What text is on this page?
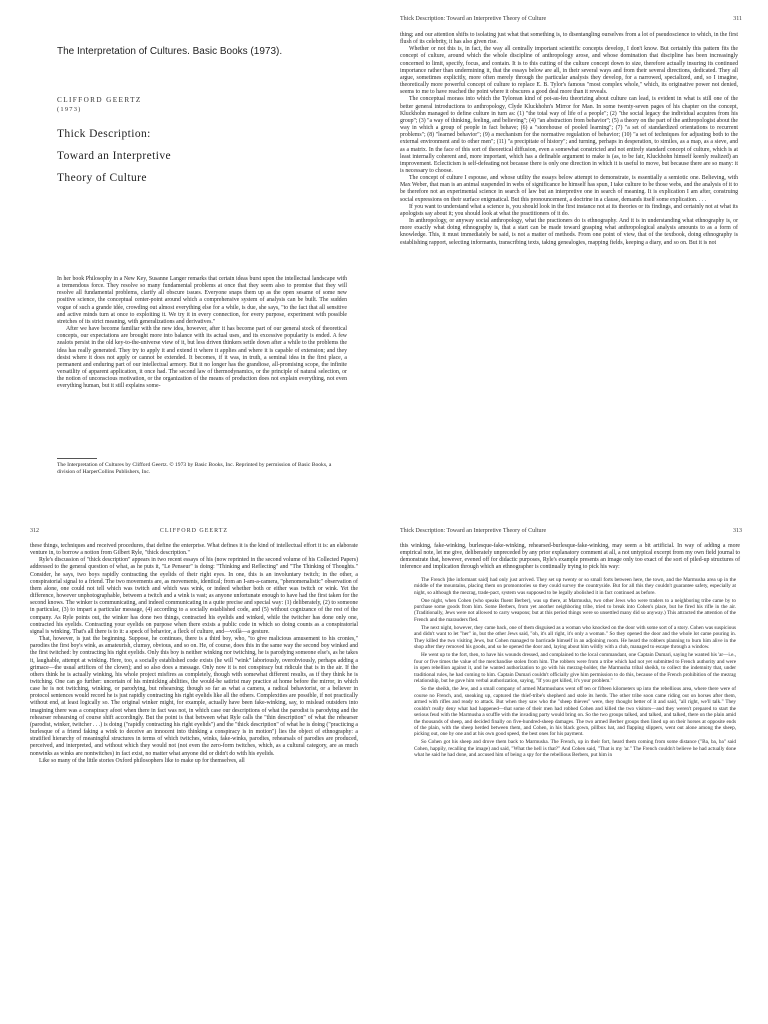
The Interpretation of Cultures. Basic Books (1973).
CLIFFORD GEERTZ
(1973)
Thick Description:
Toward an Interpretive
Theory of Culture

In her book Philosophy in a New Key, Susanne Langer remarks that certain ideas burst upon the intellectual landscape with a tremendous force. They resolve so many fundamental problems at once that they seem also to promise that they will resolve all fundamental problems, clarify all obscure issues. Everyone snaps them up as the open sesame of some new positive science, the conceptual center-point around which a comprehensive system of analysis can be built. The sudden vogue of such a grande idée, crowding out almost everything else for a while, is due, she says, "to the fact that all sensitive and active minds turn at once to exploiting it. We try it in every connection, for every purpose, experiment with possible stretches of its strict meaning, with generalizations and derivatives."

After we have become familiar with the new idea, however, after it has become part of our general stock of theoretical concepts, our expectations are brought more into balance with its actual uses, and its excessive popularity is ended. A few zealots persist in the old key-to-the-universe view of it, but less driven thinkers settle down after a while to the problems the idea has really generated. They try to apply it and extend it where it applies and where it is capable of extension; and they desist where it does not apply or cannot be extended. It becomes, if it was, in truth, a seminal idea in the first place, a permanent and enduring part of our intellectual armory. But it no longer has the grandiose, all-promising scope, the infinite versatility of apparent application, it once had. The second law of thermodynamics, or the principle of natural selection, or the notion of unconscious motivation, or the organization of the means of production does not explain everything, not even everything human, but it still explains some-

The Interpretation of Cultures by Clifford Geertz. © 1973 by Basic Books, Inc. Reprinted by permission of Basic Books, a division of HarperCollins Publishers, Inc.
Thick Description: Toward an Interpretive Theory of Culture	311

thing; and our attention shifts to isolating just what that something is, to disentangling ourselves from a lot of pseudoscience to which, in the first flush of its celebrity, it has also given rise.

Whether or not this is, in fact, the way all centrally important scientific concepts develop, I don't know. But certainly this pattern fits the concept of culture, around which the whole discipline of anthropology arose, and whose domination that discipline has been increasingly concerned to limit, specify, focus, and contain. It is to this cutting of the culture concept down to size, therefore actually insuring its continued importance rather than undermining it, that the essays below are all, in their several ways and from their several directions, dedicated. They all argue, sometimes explicitly, more often merely through the particular analysis they develop, for a narrowed, specialized, and, so I imagine, theoretically more powerful concept of culture to replace E. B. Tylor's famous "most complex whole," which, its originative power not denied, seems to me to have reached the point where it obscures a good deal more than it reveals.

The conceptual morass into which the Tylorean kind of pot-au-feu theorizing about culture can lead, is evident in what is still one of the better general introductions to anthropology, Clyde Kluckhohn's Mirror for Man. In some twenty-seven pages of his chapter on the concept, Kluckhohn managed to define culture in turn as: (1) "the total way of life of a people"; (2) "the social legacy the individual acquires from his group"; (3) "a way of thinking, feeling, and believing"; (4) "an abstraction from behavior"; (5) a theory on the part of the anthropologist about the way in which a group of people in fact behave; (6) a "storehouse of pooled learning"; (7) "a set of standardized orientations to recurrent problems"; (8) "learned behavior"; (9) a mechanism for the normative regulation of behavior; (10) "a set of techniques for adjusting both to the external environment and to other men"; (11) "a precipitate of history"; and turning, perhaps in desperation, to similes, as a map, as a sieve, and as a matrix. In the face of this sort of theoretical diffusion, even a somewhat constricted and not entirely standard concept of culture, which is at least internally coherent and, more important, which has a definable argument to make is (as, to be fair, Kluckhohn himself keenly realized) an improvement. Eclecticism is self-defeating not because there is only one direction in which it is useful to move, but because there are so many: it is necessary to choose.

The concept of culture I espouse, and whose utility the essays below attempt to demonstrate, is essentially a semiotic one. Believing, with Max Weber, that man is an animal suspended in webs of significance he himself has spun, I take culture to be those webs, and the analysis of it to be therefore not an experimental science in search of law but an interpretive one in search of meaning. It is explication I am after, construing social expressions on their surface enigmatical. But this pronouncement, a doctrine in a clause, demands itself some explication. . . .

If you want to understand what a science is, you should look in the first instance not at its theories or its findings, and certainly not at what its apologists say about it; you should look at what the practitioners of it do.

In anthropology, or anyway social anthropology, what the practioners do is ethnography. And it is in understanding what ethnography is, or more exactly what doing ethnography is, that a start can be made toward grasping what anthropological analysis amounts to as a form of knowledge. This, it must immediately be said, is not a matter of methods. From one point of view, that of the textbook, doing ethnography is establishing rapport, selecting informants, transcribing texts, taking genealogies, mapping fields, keeping a diary, and so on. But it is not

312	CLIFFORD GEERTZ

these things, techniques and received procedures, that define the enterprise. What defines it is the kind of intellectual effort it is: an elaborate venture in, to borrow a notion from Gilbert Ryle, "thick description."

Ryle's discussion of "thick description" appears in two recent essays of his (now reprinted in the second volume of his Collected Papers) addressed to the general question of what, as he puts it, "Le Penseur" is doing: "Thinking and Reflecting" and "The Thinking of Thoughts." Consider, he says, two boys rapidly contracting the eyelids of their right eyes. In one, this is an involuntary twitch; in the other, a conspiratorial signal to a friend. The two movements are, as movements, identical; from an I-am-a-camera, "phenomenalistic" observation of them alone, one could not tell which was twitch and which was wink, or indeed whether both or either was twitch or wink. Yet the difference, however unphotographable, between a twitch and a wink is vast; as anyone unfortunate enough to have had the first taken for the second knows. The winker is communicating, and indeed communicating in a quite precise and special way: (1) deliberately, (2) to someone in particular, (3) to impart a particular message, (4) according to a socially established code, and (5) without cognizance of the rest of the company. As Ryle points out, the winker has done two things, contracted his eyelids and winked, while the twitcher has done only one, contracted his eyelids. Contracting your eyelids on purpose when there exists a public code in which so doing counts as a conspiratorial signal is winking. That's all there is to it: a speck of behavior, a fleck of culture, and—voilà—a gesture.

That, however, is just the beginning. Suppose, he continues, there is a third boy, who, "to give malicious amusement to his cronies," parodies the first boy's wink, as amateurish, clumsy, obvious, and so on. He, of course, does this in the same way the second boy winked and the first twitched: by contracting his right eyelids. Only this boy is neither winking nor twitching, he is parodying someone else's, as he takes it, laughable, attempt at winking. Here, too, a socially established code exists (he will "wink" laboriously, overobviously, perhaps adding a grimace—the usual artifices of the clown); and so also does a message. Only now it is not conspiracy but ridicule that is in the air. If the others think he is actually winking, his whole project misfires as completely, though with somewhat different results, as if they think he is twitching. One can go further: uncertain of his mimicking abilities, the would-be satirist may practice at home before the mirror, in which case he is not twitching, winking, or parodying, but rehearsing; though so far as what a camera, a radical behaviorist, or a believer in protocol sentences would record he is just rapidly contracting his right eyelids like all the others. Complexities are possible, if not practically without end, at least logically so. The original winker might, for example, actually have been fake-winking, say, to mislead outsiders into imagining there was a conspiracy afoot when there in fact was not, in which case our descriptions of what the parodist is parodying and the rehearser rehearsing of course shift accordingly. But the point is that between what Ryle calls the "thin description" of what the rehearser (parodist, winker, twitcher . . .) is doing ("rapidly contracting his right eyelids") and the "thick description" of what he is doing ("practicing a burlesque of a friend faking a wink to deceive an innocent into thinking a conspiracy is in motion") lies the object of ethnography: a stratified hierarchy of meaningful structures in terms of which twitches, winks, fake-winks, parodies, rehearsals of parodies are produced, perceived, and interpreted, and without which they would not (not even the zero-form twitches, which, as a cultural category, are as much nonwinks as winks are nontwitches) in fact exist, no matter what anyone did or didn't do with his eyelids.

Like so many of the little stories Oxford philosophers like to make up for themselves, all

Thick Description: Toward an Interpretive Theory of Culture	313

this winking, fake-winking, burlesque-fake-winking, rehearsed-burlesque-fake-winking, may seem a bit artificial. In way of adding a more empirical note, let me give, deliberately unpreceded by any prior explanatory comment at all, a not untypical excerpt from my own field journal to demonstrate that, however, evened off for didactic purposes, Ryle's example presents an image only too exact of the sort of piled-up structures of inference and implication through which an ethnographer is continually trying to pick his way:

The French [the informant said] had only just arrived. They set up twenty or so small forts between here, the town, and the Marmusha area up in the middle of the mountains, placing them on promontories so they could survey the countryside. But for all this they couldn't guarantee safety, especially at night, so although the mezrag, trade-pact, system was supposed to be legally abolished it in fact continued as before.

One night, when Cohen (who speaks fluent Berber), was up there, at Marmusha, two other Jews who were traders to a neighboring tribe came by to purchase some goods from him. Some Berbers, from yet another neighboring tribe, tried to break into Cohen's place, but he fired his rifle in the air. (Traditionally, Jews were not allowed to carry weapons; but at this period things were so unsettled many did so anyway.) This attracted the attention of the French and the marauders fled.

The next night, however, they came back, one of them disguised as a woman who knocked on the door with some sort of a story. Cohen was suspicious and didn't want to let "her" in, but the other Jews said, "oh, it's all right, it's only a woman." So they opened the door and the whole lot came pouring in. They killed the two visiting Jews, but Cohen managed to barricade himself in an adjoining room. He heard the robbers planning to burn him alive in the shop after they removed his goods, and so he opened the door and, laying about him wildly with a club, managed to escape through a window.

He went up to the fort, then, to have his wounds dressed, and complained to the local commandant, one Captain Dumari, saying he wanted his 'ar—i.e., four or five times the value of the merchandise stolen from him. The robbers were from a tribe which had not yet submitted to French authority and were in open rebellion against it, and he wanted authorization to go with his mezrag-holder, the Marmusha tribal sheikh, to collect the indemnity that, under traditional rules, he had coming to him. Captain Dumari couldn't officially give him permission to do this, because of the French prohibition of the mezrag relationship, but he gave him verbal authorization, saying, "If you get killed, it's your problem."

So the sheikh, the Jew, and a small company of armed Marmushans went off ten or fifteen kilometers up into the rebellious area, where there were of course no French, and, sneaking up, captured the thief-tribe's shepherd and stole its herds. The other tribe soon came riding out on horses after them, armed with rifles and ready to attack. But when they saw who the "sheep thieves" were, they thought better of it and said, "all right, we'll talk." They couldn't really deny what had happened—that some of their men had robbed Cohen and killed the two visitors—and they weren't prepared to start the serious feud with the Marmusha a scuffle with the invading party would bring on. So the two groups talked, and talked, and talked, there on the plain amid the thousands of sheep, and decided finally on five-hundred-sheep damages. The two armed Berber groups then lined up on their horses at opposite ends of the plain, with the sheep herded between them, and Cohen, in his black gown, pillbox hat, and flapping slippers, went out alone among the sheep, picking out, one by one and at his own good speed, the best ones for his payment.

So Cohen got his sheep and drove them back to Marmusha. The French, up in their fort, heard them coming from some distance ("Ba, ba, ba" said Cohen, happily, recalling the image) and said, "What the hell is that?" And Cohen said, "That is my 'ar." The French couldn't believe he had actually done what he said he had done, and accused him of being a spy for the rebellious Berbers, put him in
